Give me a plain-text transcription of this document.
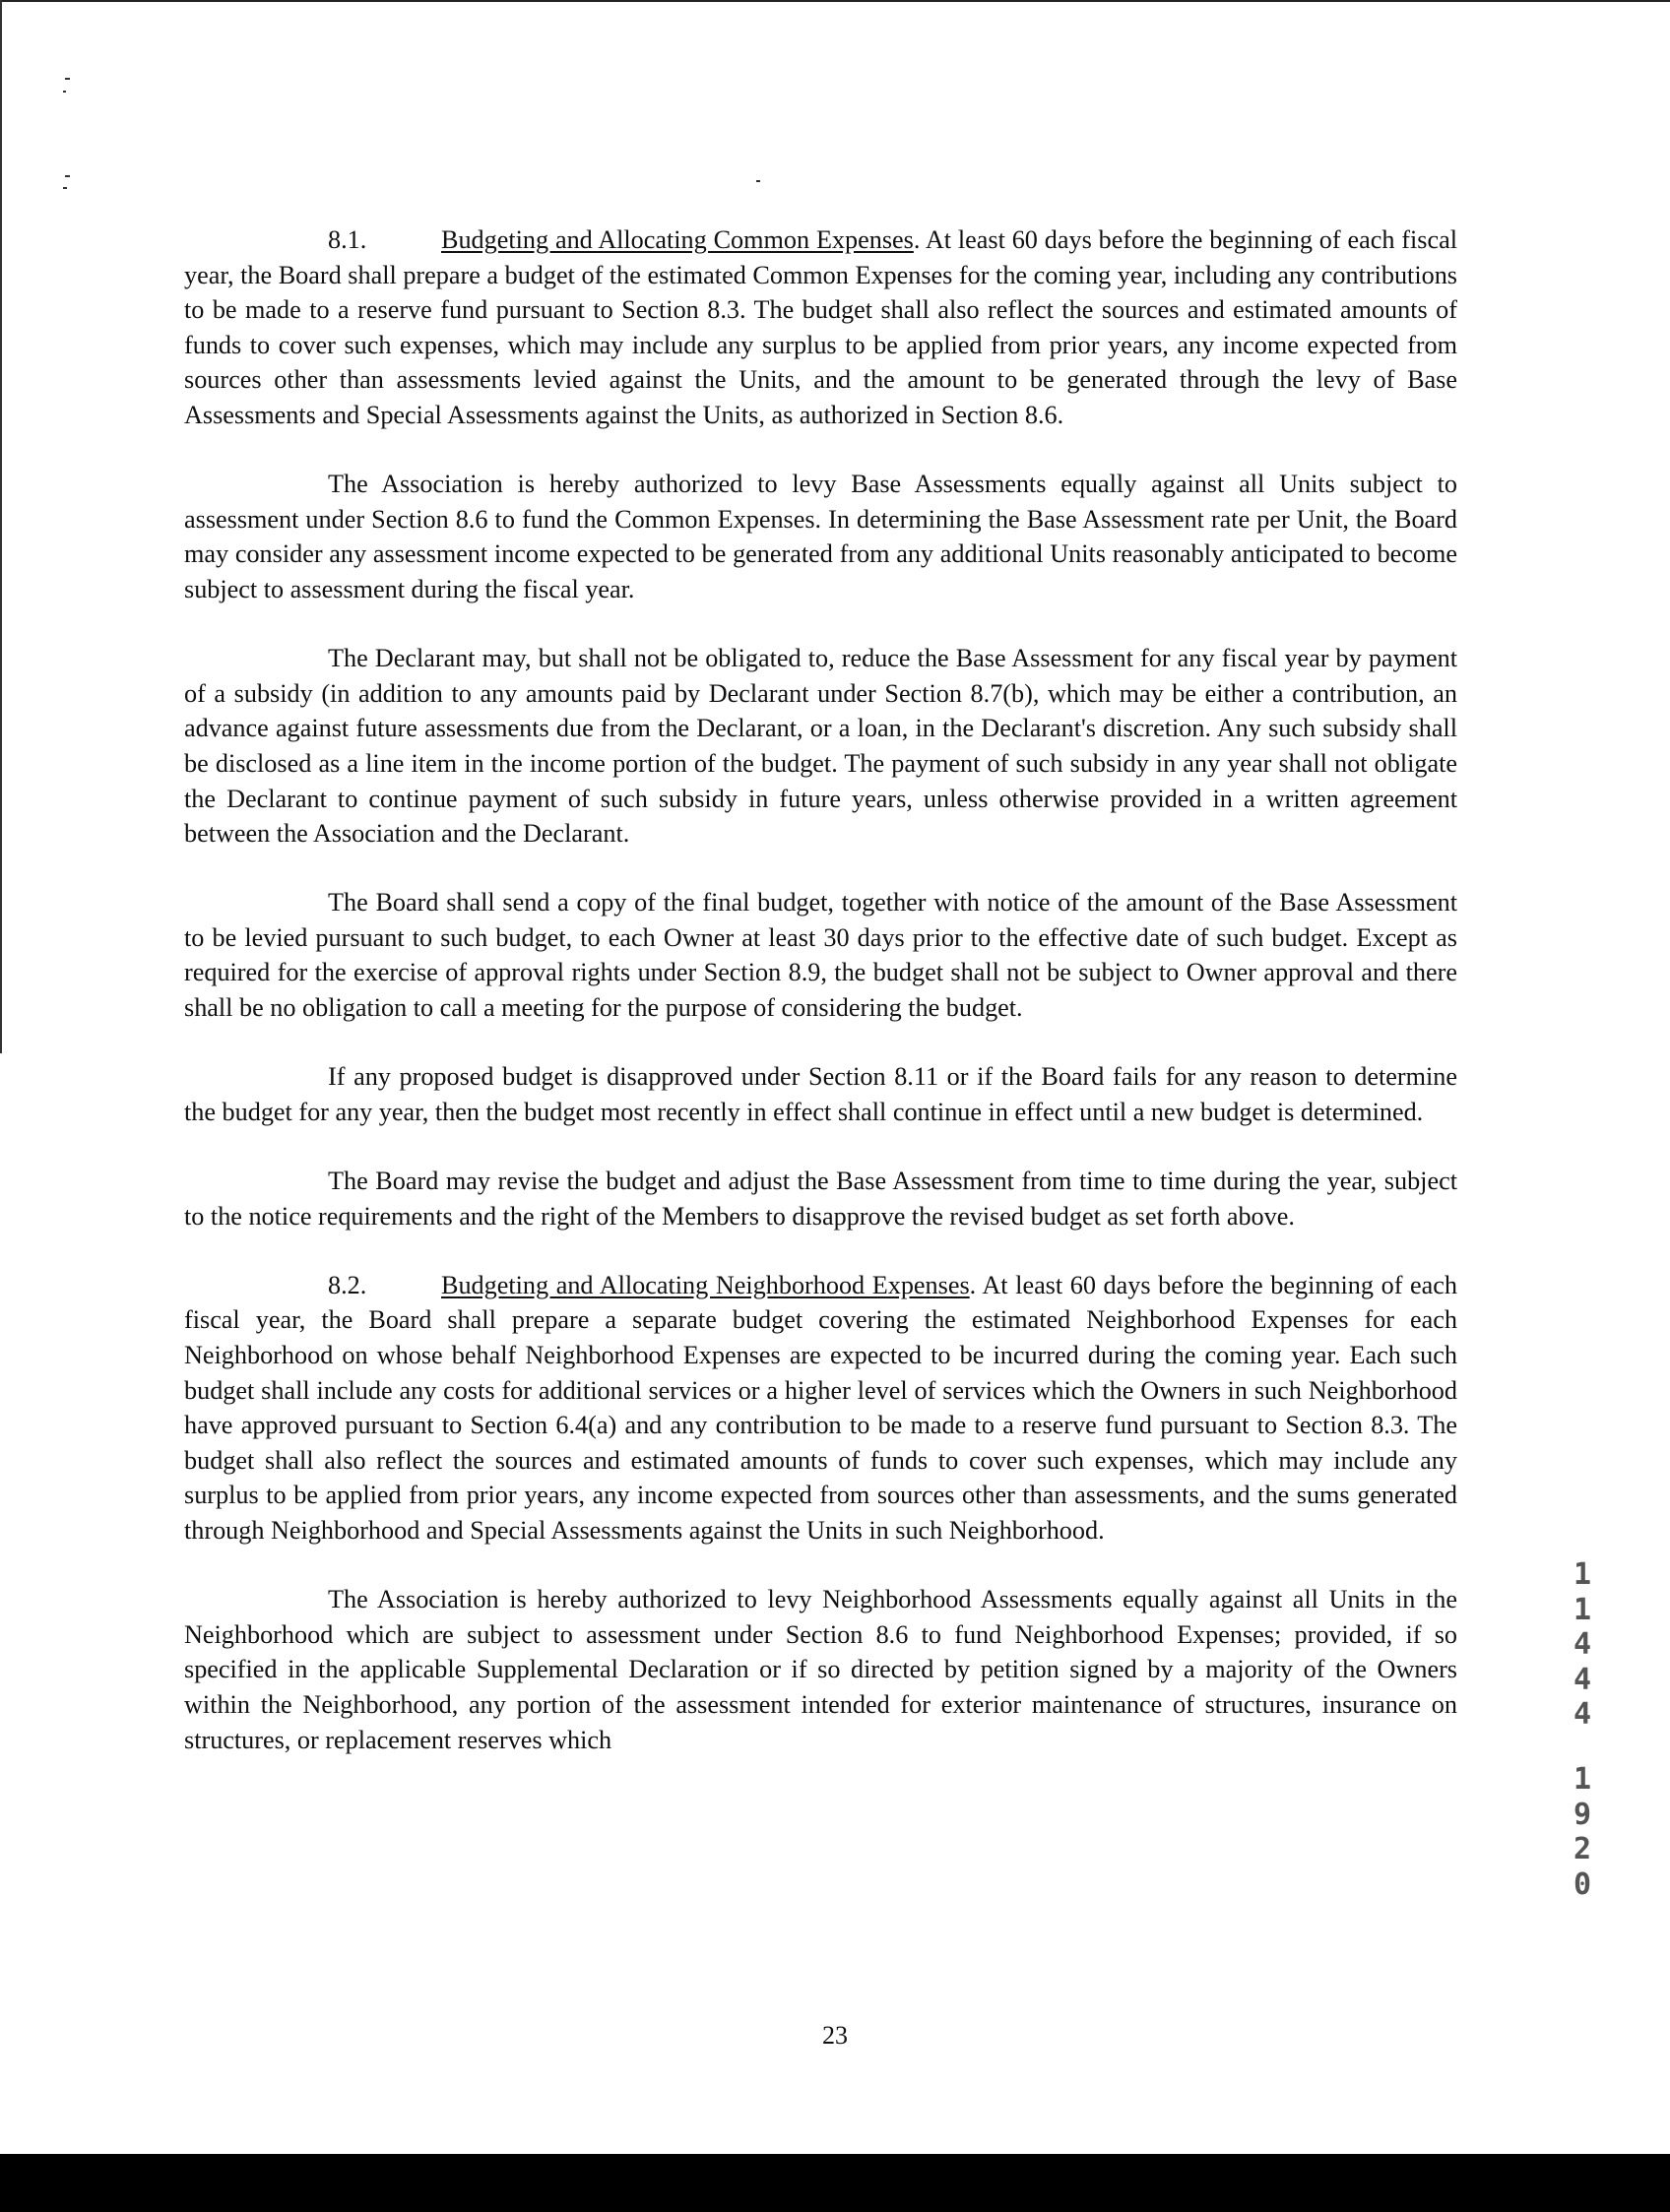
8.1.	Budgeting and Allocating Common Expenses. At least 60 days before the beginning of each fiscal year, the Board shall prepare a budget of the estimated Common Expenses for the coming year, including any contributions to be made to a reserve fund pursuant to Section 8.3. The budget shall also reflect the sources and estimated amounts of funds to cover such expenses, which may include any surplus to be applied from prior years, any income expected from sources other than assessments levied against the Units, and the amount to be generated through the levy of Base Assessments and Special Assessments against the Units, as authorized in Section 8.6.

The Association is hereby authorized to levy Base Assessments equally against all Units subject to assessment under Section 8.6 to fund the Common Expenses. In determining the Base Assessment rate per Unit, the Board may consider any assessment income expected to be generated from any additional Units reasonably anticipated to become subject to assessment during the fiscal year.

The Declarant may, but shall not be obligated to, reduce the Base Assessment for any fiscal year by payment of a subsidy (in addition to any amounts paid by Declarant under Section 8.7(b), which may be either a contribution, an advance against future assessments due from the Declarant, or a loan, in the Declarant's discretion. Any such subsidy shall be disclosed as a line item in the income portion of the budget. The payment of such subsidy in any year shall not obligate the Declarant to continue payment of such subsidy in future years, unless otherwise provided in a written agreement between the Association and the Declarant.

The Board shall send a copy of the final budget, together with notice of the amount of the Base Assessment to be levied pursuant to such budget, to each Owner at least 30 days prior to the effective date of such budget. Except as required for the exercise of approval rights under Section 8.9, the budget shall not be subject to Owner approval and there shall be no obligation to call a meeting for the purpose of considering the budget.

If any proposed budget is disapproved under Section 8.11 or if the Board fails for any reason to determine the budget for any year, then the budget most recently in effect shall continue in effect until a new budget is determined.

The Board may revise the budget and adjust the Base Assessment from time to time during the year, subject to the notice requirements and the right of the Members to disapprove the revised budget as set forth above.

8.2.	Budgeting and Allocating Neighborhood Expenses. At least 60 days before the beginning of each fiscal year, the Board shall prepare a separate budget covering the estimated Neighborhood Expenses for each Neighborhood on whose behalf Neighborhood Expenses are expected to be incurred during the coming year. Each such budget shall include any costs for additional services or a higher level of services which the Owners in such Neighborhood have approved pursuant to Section 6.4(a) and any contribution to be made to a reserve fund pursuant to Section 8.3. The budget shall also reflect the sources and estimated amounts of funds to cover such expenses, which may include any surplus to be applied from prior years, any income expected from sources other than assessments, and the sums generated through Neighborhood and Special Assessments against the Units in such Neighborhood.

The Association is hereby authorized to levy Neighborhood Assessments equally against all Units in the Neighborhood which are subject to assessment under Section 8.6 to fund Neighborhood Expenses; provided, if so specified in the applicable Supplemental Declaration or if so directed by petition signed by a majority of the Owners within the Neighborhood, any portion of the assessment intended for exterior maintenance of structures, insurance on structures, or replacement reserves which

1
1
4
4
4
1
9
2
0
23
